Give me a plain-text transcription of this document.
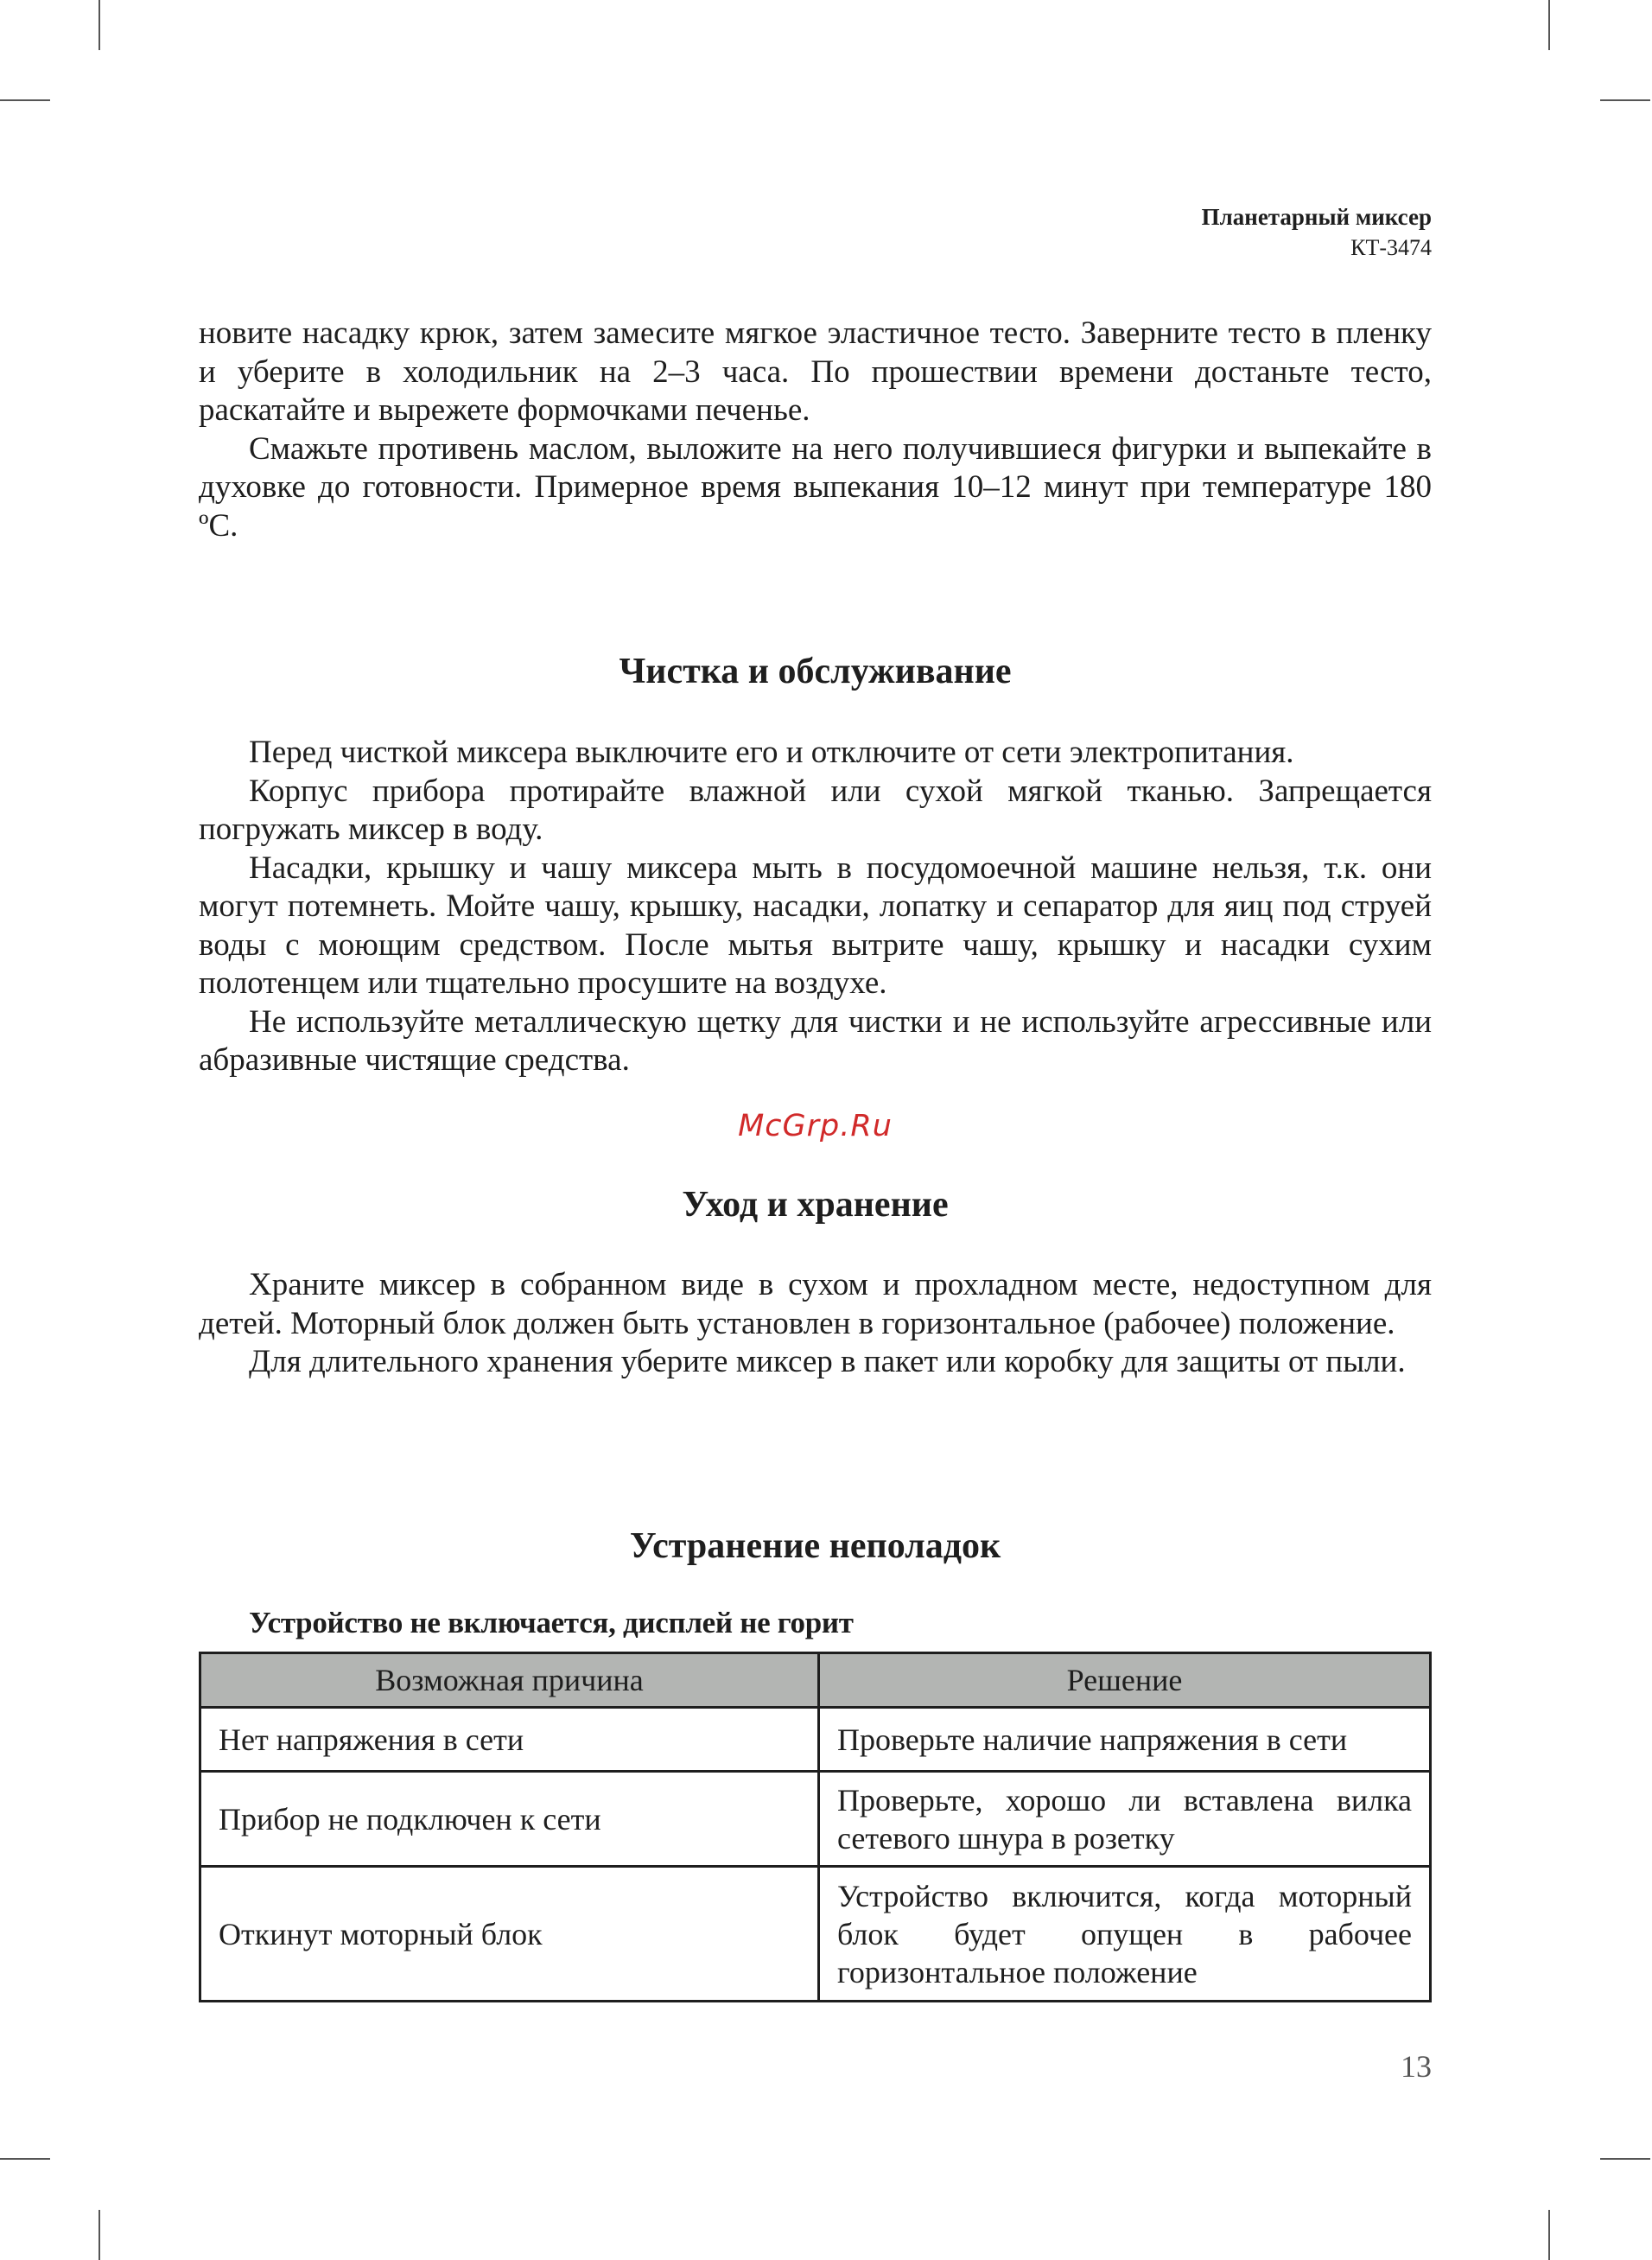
Планетарный миксер
КТ-3474

новите насадку крюк, затем замесите мягкое эластичное тесто. Заверните тесто в пленку и уберите в холодильник на 2–3 часа. По прошествии времени достаньте тесто, раскатайте и вырежете формочками печенье.

Смажьте противень маслом, выложите на него получившиеся фигурки и выпекайте в духовке до готовности. Примерное время выпекания 10–12 минут при температуре 180 ºC.

Чистка и обслуживание

Перед чисткой миксера выключите его и отключите от сети электропитания.

Корпус прибора протирайте влажной или сухой мягкой тканью. Запрещается погружать миксер в воду.

Насадки, крышку и чашу миксера мыть в посудомоечной машине нельзя, т.к. они могут потемнеть. Мойте чашу, крышку, насадки, лопатку и сепаратор для яиц под струей воды с моющим средством. После мытья вытрите чашу, крышку и насадки сухим полотенцем или тщательно просушите на воздухе.

Не используйте металлическую щетку для чистки и не используйте агрессивные или абразивные чистящие средства.

McGrp.Ru
Уход и хранение

Храните миксер в собранном виде в сухом и прохладном месте, недоступном для детей. Моторный блок должен быть установлен в горизонтальное (рабочее) положение.

Для длительного хранения уберите миксер в пакет или коробку для защиты от пыли.

Устранение неполадок
Устройство не включается, дисплей не горит
Возможная причина	Решение
Нет напряжения в сети	Проверьте наличие напряжения в сети
Прибор не подключен к сети	Проверьте, хорошо ли вставлена вилка сетевого шнура в розетку
Откинут моторный блок	Устройство включится, когда моторный блок будет опущен в рабочее горизонтальное положение
13
